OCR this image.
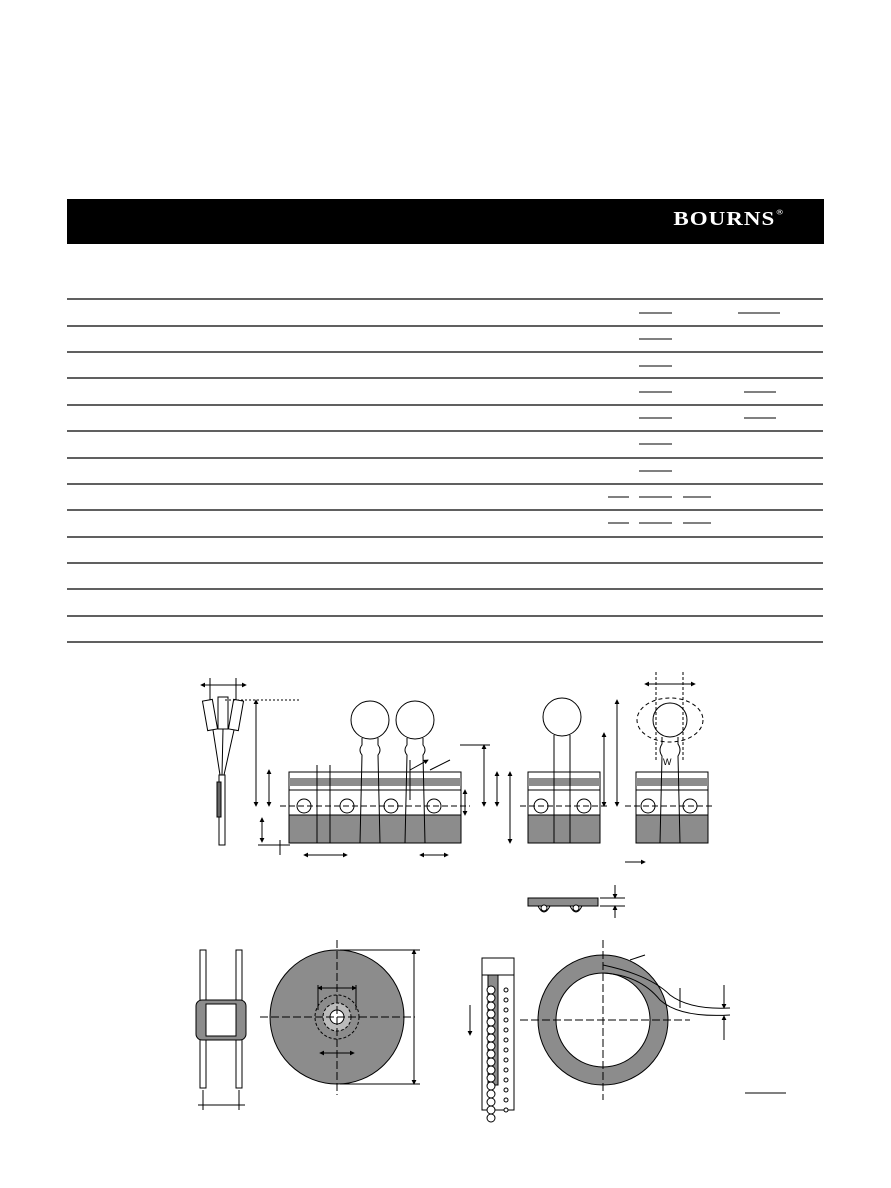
BOURNS®
W
